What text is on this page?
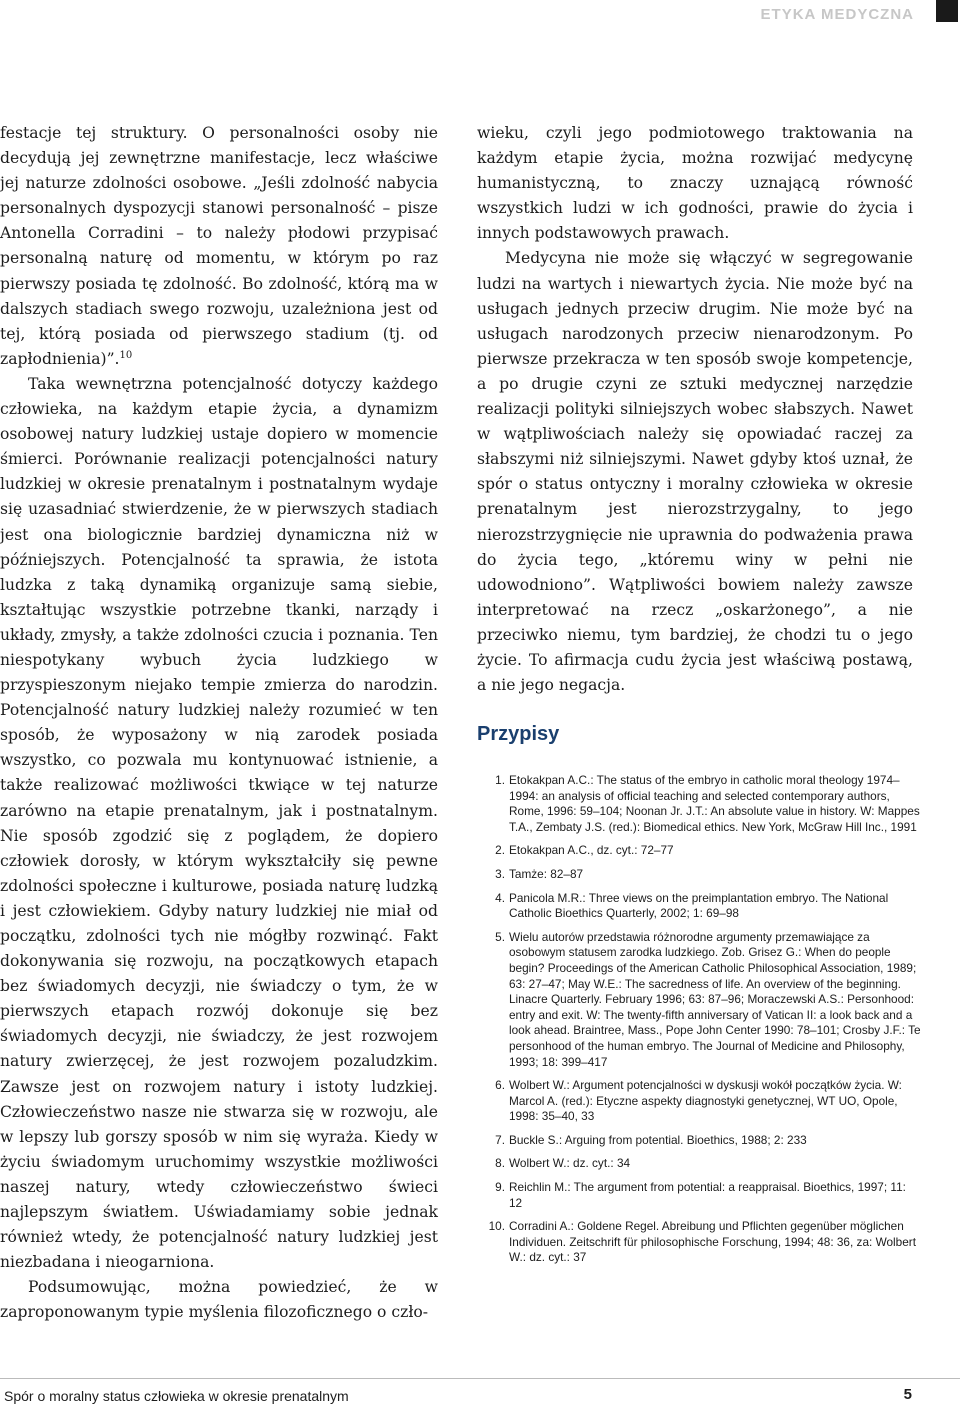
ETYKA MEDYCZNA

festacje tej struktury. O personalności osoby nie decydują jej zewnętrzne manifestacje, lecz właściwe jej naturze zdolności osobowe. „Jeśli zdolność nabycia personalnych dyspozycji stanowi personalność – pisze Antonella Corradini – to należy płodowi przypisać personalną naturę od momentu, w którym po raz pierwszy posiada tę zdolność. Bo zdolność, którą ma w dalszych stadiach swego rozwoju, uzależniona jest od tej, którą posiada od pierwszego stadium (tj. od zapłodnienia)”.$^{10}$

Taka wewnętrzna potencjalność dotyczy każdego człowieka, na każdym etapie życia, a dynamizm osobowej natury ludzkiej ustaje dopiero w momencie śmierci. Porównanie realizacji potencjalności natury ludzkiej w okresie prenatalnym i postnatalnym wydaje się uzasadniać stwierdzenie, że w pierwszych stadiach jest ona biologicznie bardziej dynamiczna niż w późniejszych. Potencjalność ta sprawia, że istota ludzka z taką dynamiką organizuje samą siebie, kształtując wszystkie potrzebne tkanki, narządy i układy, zmysły, a także zdolności czucia i poznania. Ten niespotykany wybuch życia ludzkiego w przyspieszonym niejako tempie zmierza do narodzin. Potencjalność natury ludzkiej należy rozumieć w ten sposób, że wyposażony w nią zarodek posiada wszystko, co pozwala mu kontynuować istnienie, a także realizować możliwości tkwiące w tej naturze zarówno na etapie prenatalnym, jak i postnatalnym. Nie sposób zgodzić się z poglądem, że dopiero człowiek dorosły, w którym wykształciły się pewne zdolności społeczne i kulturowe, posiada naturę ludzką i jest człowiekiem. Gdyby natury ludzkiej nie miał od początku, zdolności tych nie mógłby rozwinąć. Fakt dokonywania się rozwoju, na początkowych etapach bez świadomych decyzji, nie świadczy o tym, że w pierwszych etapach rozwój dokonuje się bez świadomych decyzji, nie świadczy, że jest rozwojem natury zwierzęcej, że jest rozwojem pozaludzkim. Zawsze jest on rozwojem natury i istoty ludzkiej. Człowieczeństwo nasze nie stwarza się w rozwoju, ale w lepszy lub gorszy sposób w nim się wyraża. Kiedy w życiu świadomym uruchomimy wszystkie możliwości naszej natury, wtedy człowieczeństwo świeci najlepszym światłem. Uświadamiamy sobie jednak również wtedy, że potencjalność natury ludzkiej jest niezbadana i nieogarniona.

Podsumowując, można powiedzieć, że w zaproponowanym typie myślenia filozoficznego o czło-

wieku, czyli jego podmiotowego traktowania na każdym etapie życia, można rozwijać medycynę humanistyczną, to znaczy uznającą równość wszystkich ludzi w ich godności, prawie do życia i innych podstawowych prawach.

Medycyna nie może się włączyć w segregowanie ludzi na wartych i niewartych życia. Nie może być na usługach jednych przeciw drugim. Nie może być na usługach narodzonych przeciw nienarodzonym. Po pierwsze przekracza w ten sposób swoje kompetencje, a po drugie czyni ze sztuki medycznej narzędzie realizacji polityki silniejszych wobec słabszych. Nawet w wątpliwościach należy się opowiadać raczej za słabszymi niż silniejszymi. Nawet gdyby ktoś uznał, że spór o status ontyczny i moralny człowieka w okresie prenatalnym jest nierozstrzygalny, to jego nierozstrzygnięcie nie uprawnia do podważenia prawa do życia tego, „któremu winy w pełni nie udowodniono”. Wątpliwości bowiem należy zawsze interpretować na rzecz „oskarżonego”, a nie przeciwko niemu, tym bardziej, że chodzi tu o jego życie. To afirmacja cudu życia jest właściwą postawą, a nie jego negacja.

Przypisy
1. Etokakpan A.C.: The status of the embryo in catholic moral theology 1974–1994: an analysis of official teaching and selected contemporary authors, Rome, 1996: 59–104; Noonan Jr. J.T.: An absolute value in history. W: Mappes T.A., Zembaty J.S. (red.): Biomedical ethics. New York, McGraw Hill Inc., 1991
2. Etokakpan A.C., dz. cyt.: 72–77
3. Tamże: 82–87
4. Panicola M.R.: Three views on the preimplantation embryo. The National Catholic Bioethics Quarterly, 2002; 1: 69–98
5. Wielu autorów przedstawia różnorodne argumenty przemawiające za osobowym statusem zarodka ludzkiego. Zob. Grisez G.: When do people begin? Proceedings of the American Catholic Philosophical Association, 1989; 63: 27–47; May W.E.: The sacredness of life. An overview of the beginning. Linacre Quarterly. February 1996; 63: 87–96; Moraczewski A.S.: Personhood: entry and exit. W: The twenty-fifth anniversary of Vatican II: a look back and a look ahead. Braintree, Mass., Pope John Center 1990: 78–101; Crosby J.F.: Te personhood of the human embryo. The Journal of Medicine and Philosophy, 1993; 18: 399–417
6. Wolbert W.: Argument potencjalności w dyskusji wokół początków życia. W: Marcol A. (red.): Etyczne aspekty diagnostyki genetycznej, WT UO, Opole, 1998: 35–40, 33
7. Buckle S.: Arguing from potential. Bioethics, 1988; 2: 233
8. Wolbert W.: dz. cyt.: 34
9. Reichlin M.: The argument from potential: a reappraisal. Bioethics, 1997; 11: 12
10. Corradini A.: Goldene Regel. Abreibung und Pflichten gegenüber möglichen Individuen. Zeitschrift für philosophische Forschung, 1994; 48: 36, za: Wolbert W.: dz. cyt.: 37
Spór o moralny status człowieka w okresie prenatalnym	5
